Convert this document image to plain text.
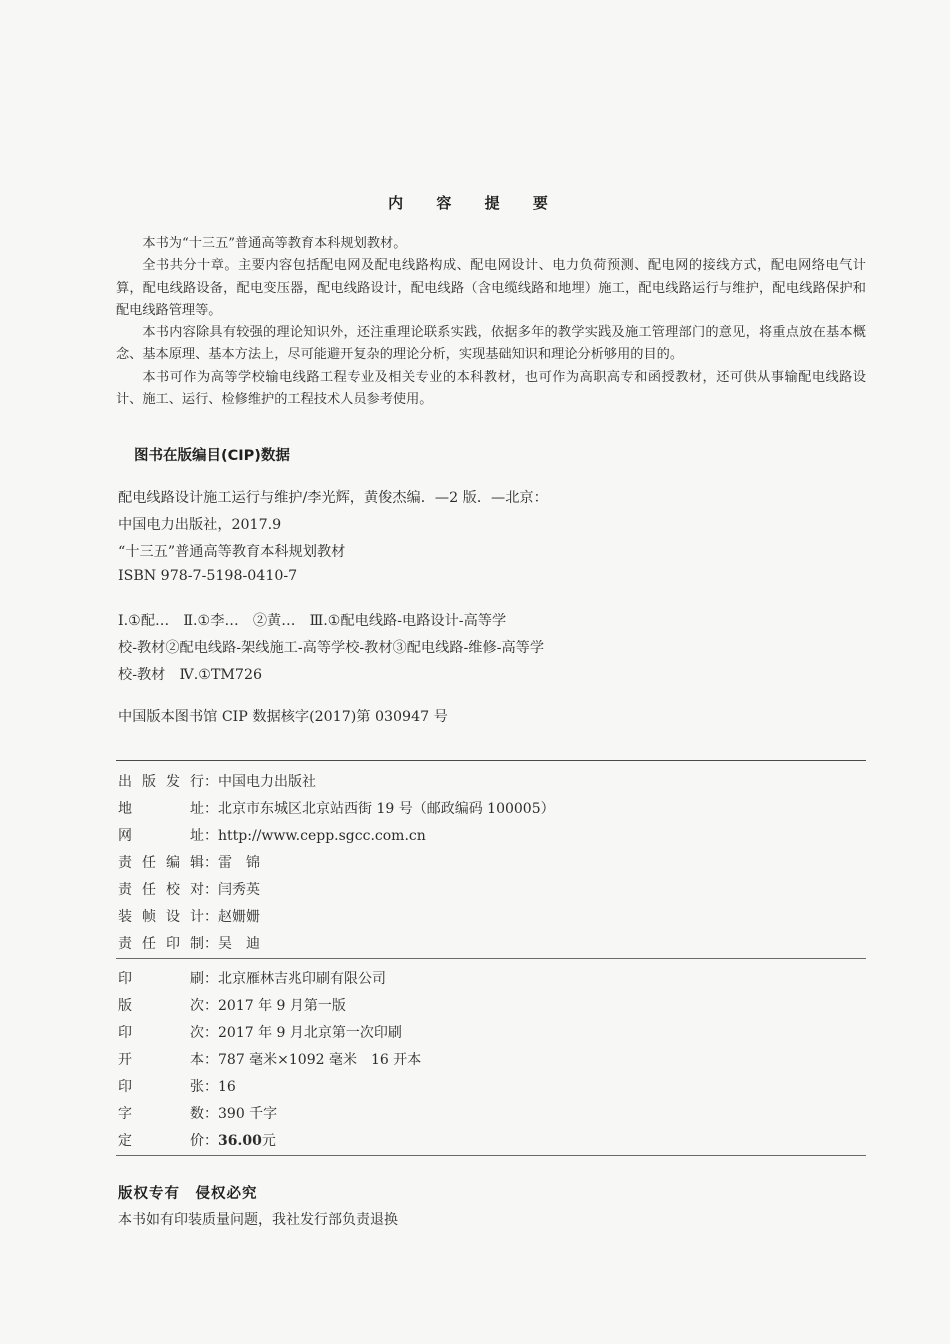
内 容 提 要

本书为“十三五”普通高等教育本科规划教材。

全书共分十章。主要内容包括配电网及配电线路构成、配电网设计、电力负荷预测、配电网的接线方式，配电网络电气计算，配电线路设备，配电变压器，配电线路设计，配电线路（含电缆线路和地埋）施工，配电线路运行与维护，配电线路保护和配电线路管理等。

本书内容除具有较强的理论知识外，还注重理论联系实践，依据多年的教学实践及施工管理部门的意见，将重点放在基本概念、基本原理、基本方法上，尽可能避开复杂的理论分析，实现基础知识和理论分析够用的目的。

本书可作为高等学校输电线路工程专业及相关专业的本科教材，也可作为高职高专和函授教材，还可供从事输配电线路设计、施工、运行、检修维护的工程技术人员参考使用。

图书在版编目(CIP)数据
配电线路设计施工运行与维护/李光辉，黄俊杰编．—2 版．—北京：
中国电力出版社，2017.9
“十三五”普通高等教育本科规划教材
ISBN 978-7-5198-0410-7
Ⅰ.①配…　Ⅱ.①李…　②黄…　Ⅲ.①配电线路-电路设计-高等学
校-教材②配电线路-架线施工-高等学校-教材③配电线路-维修-高等学
校-教材　Ⅳ.①TM726
中国版本图书馆 CIP 数据核字(2017)第 030947 号
出版发行：中国电力出版社
地　　址：北京市东城区北京站西街 19 号（邮政编码 100005）
网　　址：http://www.cepp.sgcc.com.cn
责任编辑：雷　锦
责任校对：闫秀英
装帧设计：赵姗姗
责任印制：吴　迪
印　　刷：北京雁林吉兆印刷有限公司
版　　次：2017 年 9 月第一版
印　　次：2017 年 9 月北京第一次印刷
开　　本：787 毫米×1092 毫米　16 开本
印　　张：16
字　　数：390 千字
定　　价：36.00元
版权专有　侵权必究
本书如有印装质量问题，我社发行部负责退换
